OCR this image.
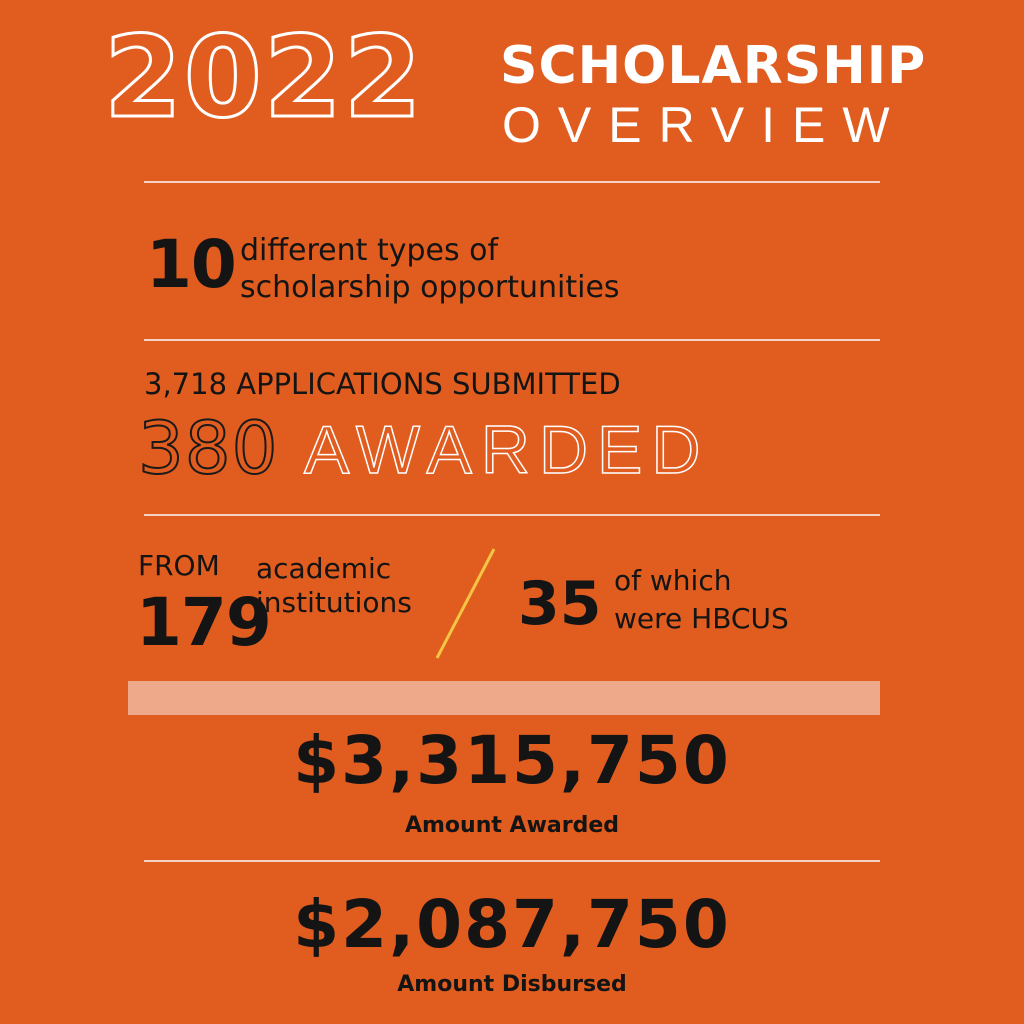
2022 SCHOLARSHIP
OVERVIEW
10 different types of
scholarship opportunities
3,718 APPLICATIONS SUBMITTED
380 AWARDED
FROM
179
academic
institutions 35 of which
were HBCUS
$3,315,750
Amount Awarded
$2,087,750
Amount Disbursed
